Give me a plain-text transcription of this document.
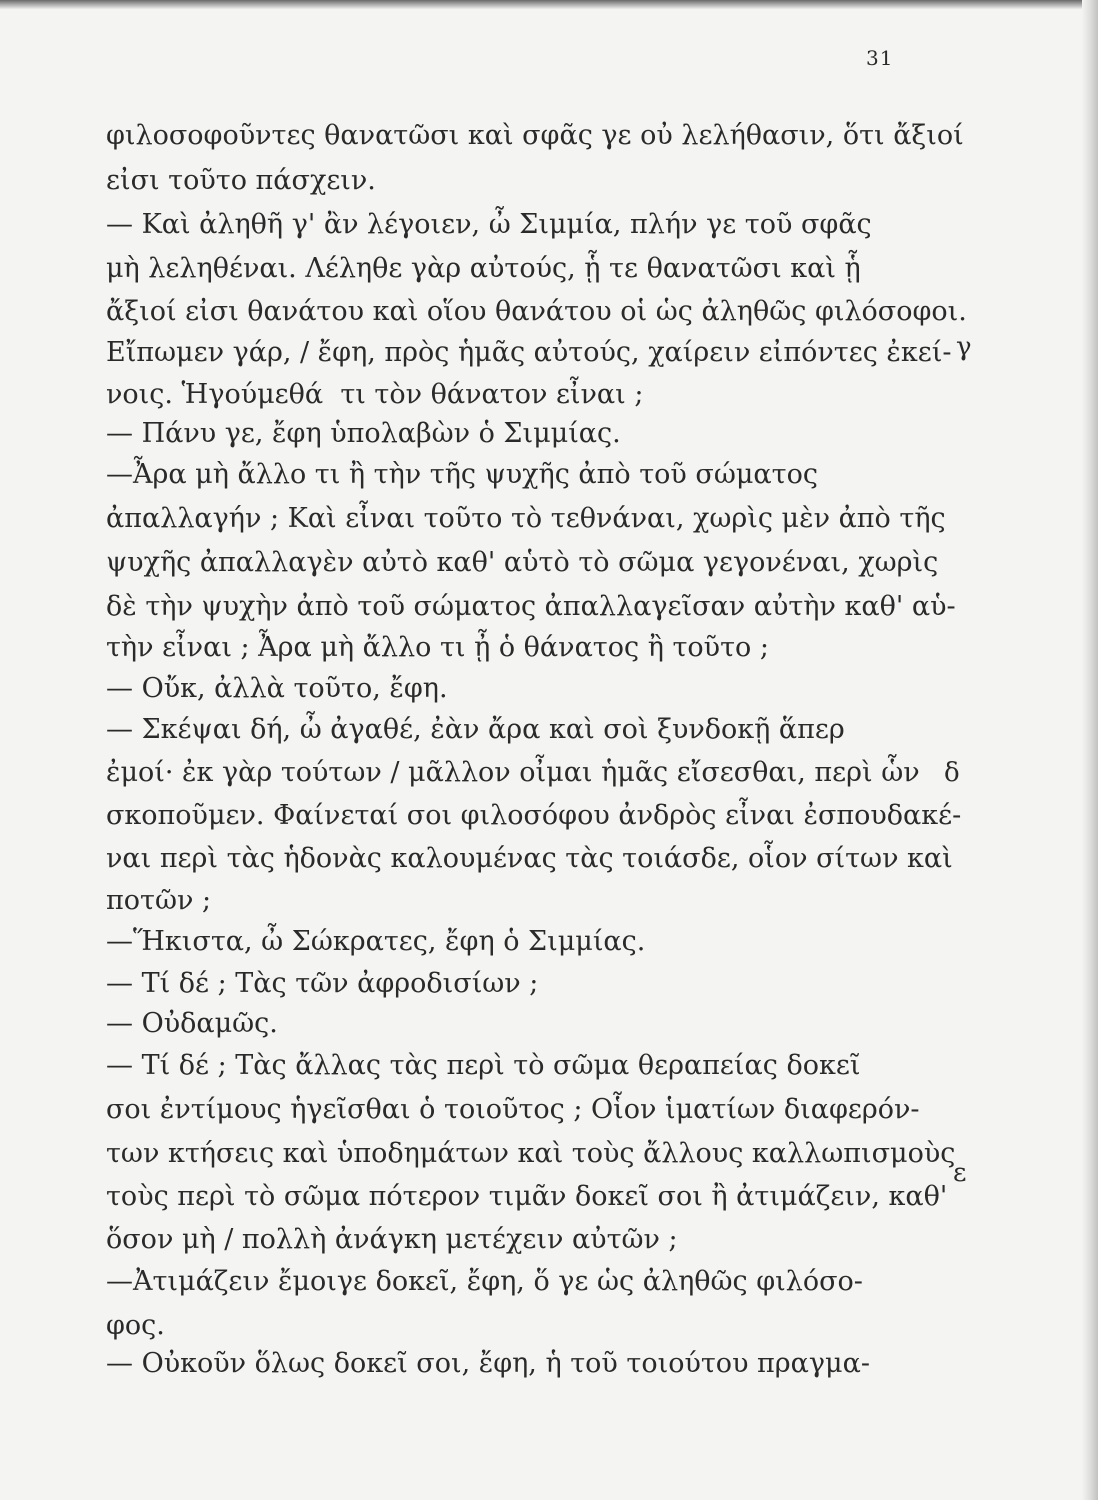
31
φιλοσοφοῦντες θανατῶσι καὶ σφᾶς γε οὐ λελήθασιν, ὅτι ἄξιοί
εἰσι τοῦτο πάσχειν.
— Καὶ ἀληθῆ γ' ἂν λέγοιεν, ὦ Σιμμία, πλήν γε τοῦ σφᾶς
μὴ λεληθέναι. Λέληθε γὰρ αὐτούς, ᾗ τε θανατῶσι καὶ ᾗ
ἄξιοί εἰσι θανάτου καὶ οἵου θανάτου οἱ ὡς ἀληθῶς φιλόσοφοι.
Εἴπωμεν γάρ, / ἔφη, πρὸς ἡμᾶς αὐτούς, χαίρειν εἰπόντες ἐκεί-
νοις. Ἡγούμεθά  τι τὸν θάνατον εἶναι ;
— Πάνυ γε, ἔφη ὑπολαβὼν ὁ Σιμμίας.
—Ἆρα μὴ ἄλλο τι ἢ τὴν τῆς ψυχῆς ἀπὸ τοῦ σώματος
ἀπαλλαγήν ; Καὶ εἶναι τοῦτο τὸ τεθνάναι, χωρὶς μὲν ἀπὸ τῆς
ψυχῆς ἀπαλλαγὲν αὐτὸ καθ' αὑτὸ τὸ σῶμα γεγονέναι, χωρὶς
δὲ τὴν ψυχὴν ἀπὸ τοῦ σώματος ἀπαλλαγεῖσαν αὐτὴν καθ' αὑ-
τὴν εἶναι ; Ἆρα μὴ ἄλλο τι ᾖ ὁ θάνατος ἢ τοῦτο ;
— Οὔκ, ἀλλὰ τοῦτο, ἔφη.
— Σκέψαι δή, ὦ ἀγαθέ, ἐὰν ἄρα καὶ σοὶ ξυνδοκῇ ἅπερ
ἐμοί· ἐκ γὰρ τούτων / μᾶλλον οἶμαι ἡμᾶς εἴσεσθαι, περὶ ὧν
σκοποῦμεν. Φαίνεταί σοι φιλοσόφου ἀνδρὸς εἶναι ἐσπουδακέ-
ναι περὶ τὰς ἡδονὰς καλουμένας τὰς τοιάσδε, οἷον σίτων καὶ
ποτῶν ;
—Ἥκιστα, ὦ Σώκρατες, ἔφη ὁ Σιμμίας.
— Τί δέ ; Τὰς τῶν ἀφροδισίων ;
— Οὐδαμῶς.
— Τί δέ ; Τὰς ἄλλας τὰς περὶ τὸ σῶμα θεραπείας δοκεῖ
σοι ἐντίμους ἡγεῖσθαι ὁ τοιοῦτος ; Οἷον ἱματίων διαφερόν-
των κτήσεις καὶ ὑποδημάτων καὶ τοὺς ἄλλους καλλωπισμοὺς
τοὺς περὶ τὸ σῶμα πότερον τιμᾶν δοκεῖ σοι ἢ ἀτιμάζειν, καθ'
ὅσον μὴ / πολλὴ ἀνάγκη μετέχειν αὐτῶν ;
—Ἀτιμάζειν ἔμοιγε δοκεῖ, ἔφη, ὅ γε ὡς ἀληθῶς φιλόσο-
φος.
— Οὐκοῦν ὅλως δοκεῖ σοι, ἔφη, ἡ τοῦ τοιούτου πραγμα-
γ
δ
ε
